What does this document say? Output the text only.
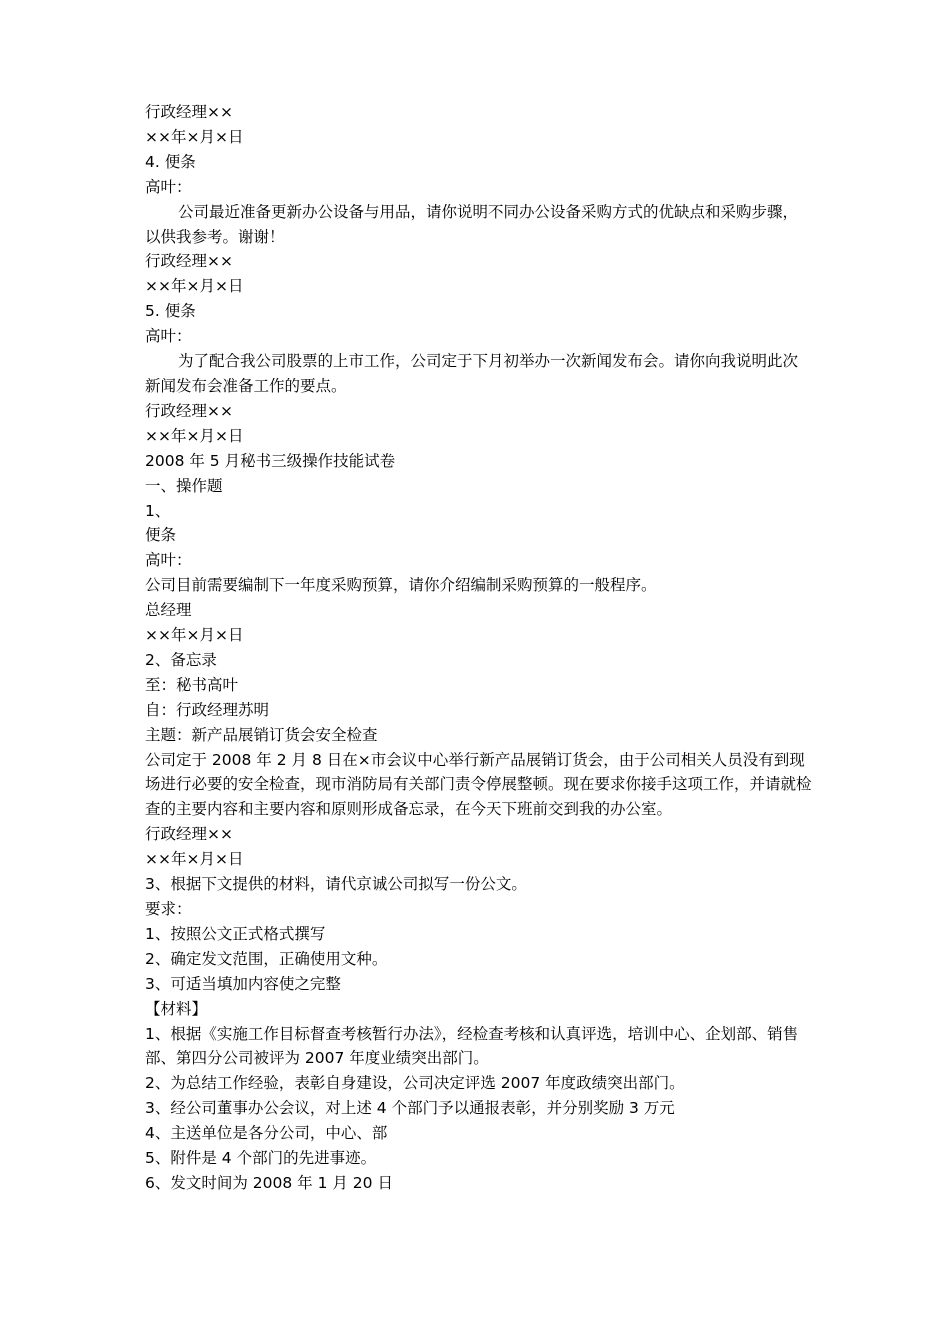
行政经理××

××年×月×日

4. 便条

高叶：

公司最近准备更新办公设备与用品，请你说明不同办公设备采购方式的优缺点和采购步骤，以供我参考。谢谢！

行政经理××

××年×月×日

5. 便条

高叶：

为了配合我公司股票的上市工作，公司定于下月初举办一次新闻发布会。请你向我说明此次新闻发布会准备工作的要点。

行政经理××

××年×月×日

2008 年 5 月秘书三级操作技能试卷

一、操作题

1、

便条

高叶：

公司目前需要编制下一年度采购预算，请你介绍编制采购预算的一般程序。

总经理

××年×月×日

2、备忘录

至：秘书高叶

自：行政经理苏明

主题：新产品展销订货会安全检查

公司定于 2008 年 2 月 8 日在×市会议中心举行新产品展销订货会，由于公司相关人员没有到现场进行必要的安全检查，现市消防局有关部门责令停展整顿。现在要求你接手这项工作，并请就检查的主要内容和主要内容和原则形成备忘录，在今天下班前交到我的办公室。

行政经理××

××年×月×日

3、根据下文提供的材料，请代京诚公司拟写一份公文。

要求：

1、按照公文正式格式撰写

2、确定发文范围，正确使用文种。

3、可适当填加内容使之完整

【材料】

1、根据《实施工作目标督查考核暂行办法》，经检查考核和认真评选，培训中心、企划部、销售部、第四分公司被评为 2007 年度业绩突出部门。

2、为总结工作经验，表彰自身建设，公司决定评选 2007 年度政绩突出部门。

3、经公司董事办公会议，对上述 4 个部门予以通报表彰，并分别奖励 3 万元

4、主送单位是各分公司，中心、部

5、附件是 4 个部门的先进事迹。

6、发文时间为 2008 年 1 月 20 日
